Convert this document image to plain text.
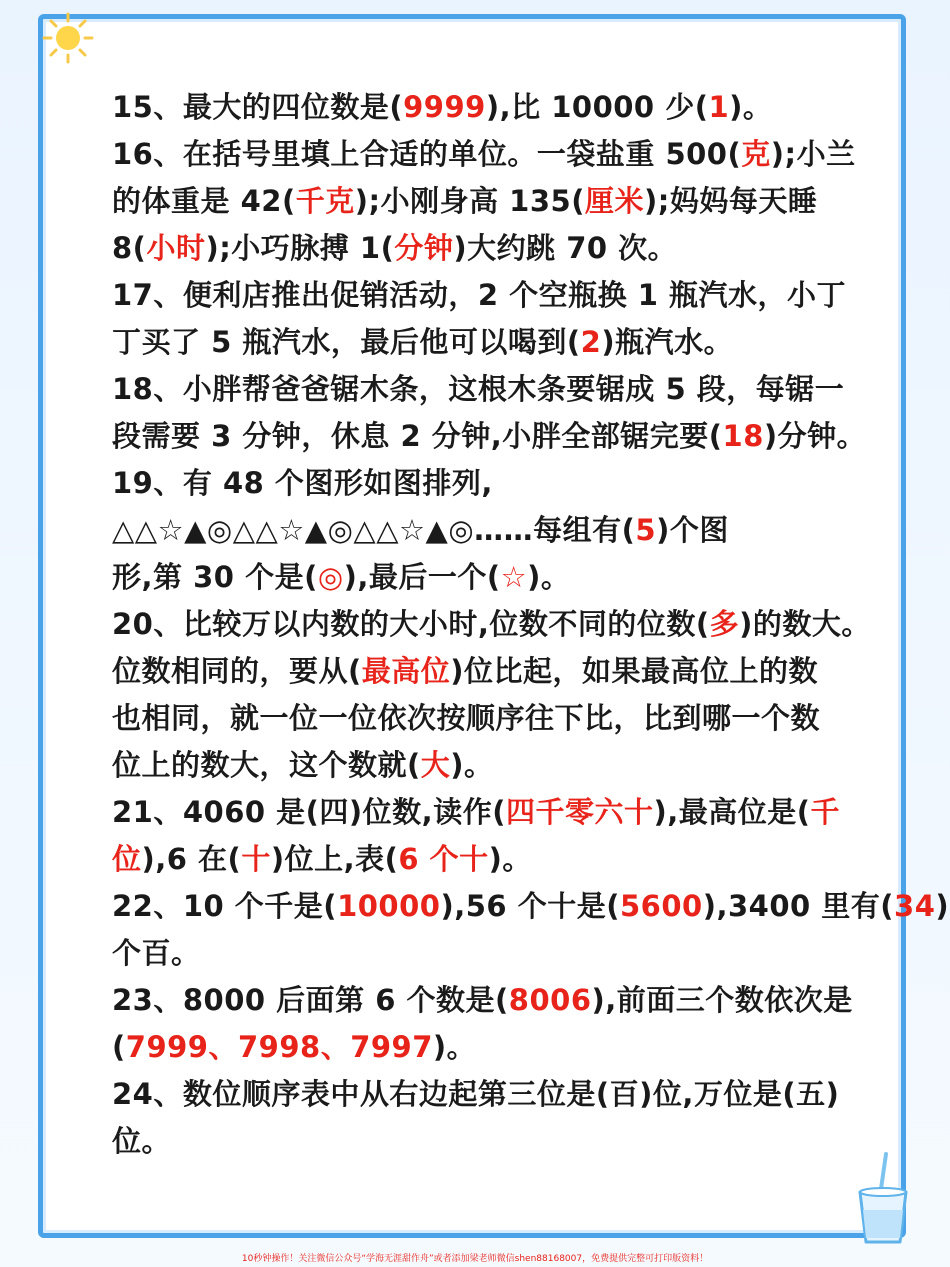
15、最大的四位数是(9999),比 10000 少(1)。
16、在括号里填上合适的单位。一袋盐重 500(克);小兰
的体重是 42(千克);小刚身高 135(厘米);妈妈每天睡
8(小时);小巧脉搏 1(分钟)大约跳 70 次。
17、便利店推出促销活动，2 个空瓶换 1 瓶汽水，小丁
丁买了 5 瓶汽水，最后他可以喝到(2)瓶汽水。
18、小胖帮爸爸锯木条，这根木条要锯成 5 段，每锯一
段需要 3 分钟，休息 2 分钟,小胖全部锯完要(18)分钟。
19、有 48 个图形如图排列,
△△☆▲◎△△☆▲◎△△☆▲◎……每组有(5)个图
形,第 30 个是(◎),最后一个(☆)。
20、比较万以内数的大小时,位数不同的位数(多)的数大。
位数相同的，要从(最高位)位比起，如果最高位上的数
也相同，就一位一位依次按顺序往下比，比到哪一个数
位上的数大，这个数就(大)。
21、4060 是(四)位数,读作(四千零六十),最高位是(千
位),6 在(十)位上,表(6 个十)。
22、10 个千是(10000),56 个十是(5600),3400 里有(34)
个百。
23、8000 后面第 6 个数是(8006),前面三个数依次是
(7999、7998、7997)。
24、数位顺序表中从右边起第三位是(百)位,万位是(五)
位。
10秒钟操作！关注微信公众号“学海无涯甜作舟”或者添加梁老师微信shen88168007，免费提供完整可打印版资料！
